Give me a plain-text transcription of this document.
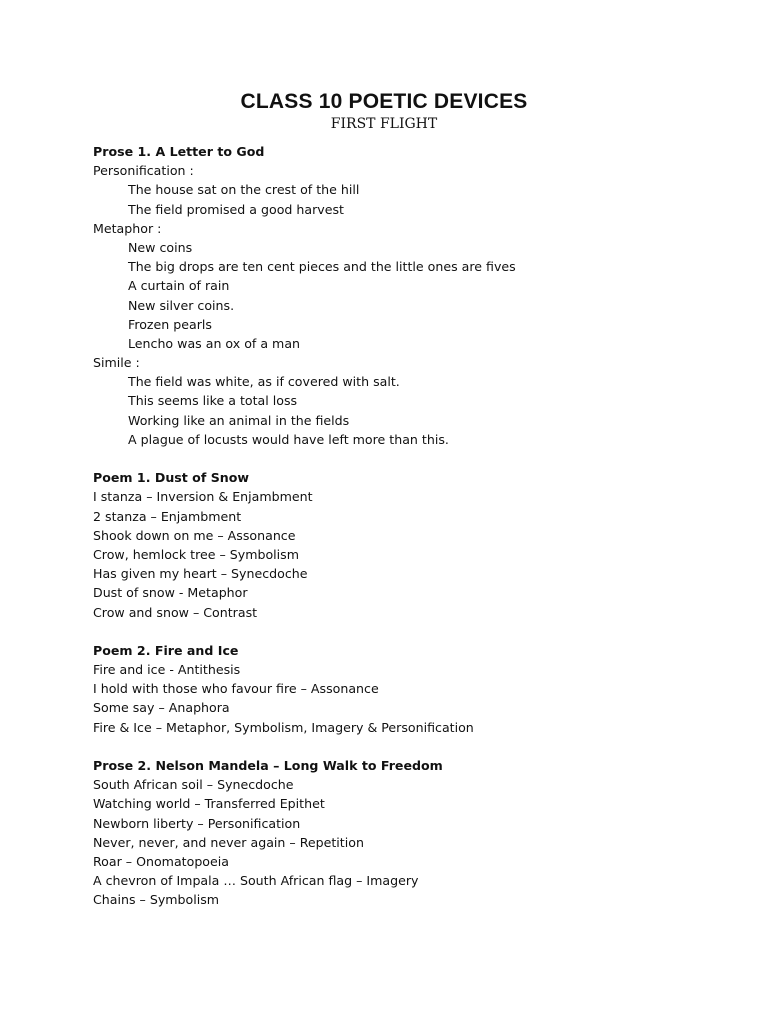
CLASS 10 POETIC DEVICES
FIRST FLIGHT
Prose 1. A Letter to God
Personification :
The house sat on the crest of the hill
The field promised a good harvest
Metaphor :
New coins
The big drops are ten cent pieces and the little ones are fives
A curtain of rain
New silver coins.
Frozen pearls
Lencho was an ox of a man
Simile :
The field was white, as if covered with salt.
This seems like a total loss
Working like an animal in the fields
A plague of locusts would have left more than this.
Poem 1. Dust of Snow
I stanza – Inversion & Enjambment
2 stanza – Enjambment
Shook down on me – Assonance
Crow, hemlock tree – Symbolism
Has given my heart – Synecdoche
Dust of snow - Metaphor
Crow and snow – Contrast
Poem 2. Fire and Ice
Fire and ice - Antithesis
I hold with those who favour fire – Assonance
Some say – Anaphora
Fire & Ice – Metaphor, Symbolism, Imagery & Personification
Prose 2. Nelson Mandela – Long Walk to Freedom
South African soil – Synecdoche
Watching world – Transferred Epithet
Newborn liberty – Personification
Never, never, and never again – Repetition
Roar – Onomatopoeia
A chevron of Impala … South African flag – Imagery
Chains – Symbolism
